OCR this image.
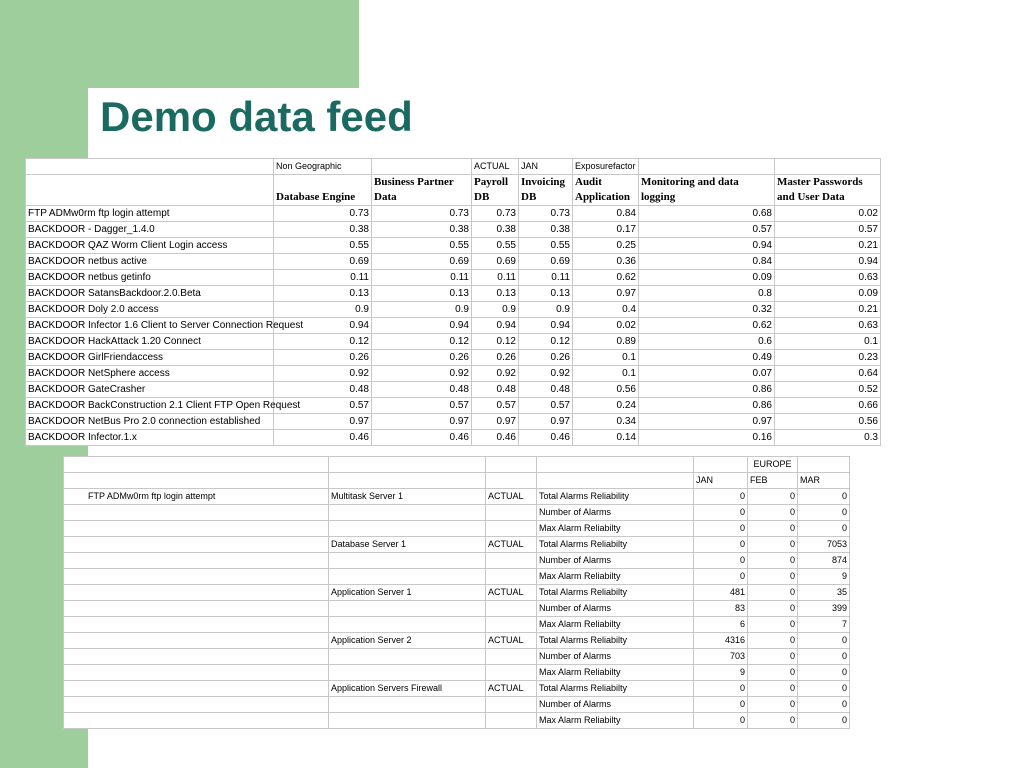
Demo data feed
	Non Geographic		ACTUAL	JAN	Exposurefactor		
	Database Engine	Business Partner Data	Payroll DB	Invoicing DB	Audit Application	Monitoring and data logging	Master Passwords and User Data
FTP ADMw0rm ftp login attempt	0.73	0.73	0.73	0.73	0.84	0.68	0.02
BACKDOOR - Dagger_1.4.0	0.38	0.38	0.38	0.38	0.17	0.57	0.57
BACKDOOR QAZ Worm Client Login access	0.55	0.55	0.55	0.55	0.25	0.94	0.21
BACKDOOR netbus active	0.69	0.69	0.69	0.69	0.36	0.84	0.94
BACKDOOR netbus getinfo	0.11	0.11	0.11	0.11	0.62	0.09	0.63
BACKDOOR SatansBackdoor.2.0.Beta	0.13	0.13	0.13	0.13	0.97	0.8	0.09
BACKDOOR Doly 2.0 access	0.9	0.9	0.9	0.9	0.4	0.32	0.21
BACKDOOR Infector 1.6 Client to Server Connection Request	0.94	0.94	0.94	0.94	0.02	0.62	0.63
BACKDOOR HackAttack 1.20 Connect	0.12	0.12	0.12	0.12	0.89	0.6	0.1
BACKDOOR GirlFriendaccess	0.26	0.26	0.26	0.26	0.1	0.49	0.23
BACKDOOR NetSphere access	0.92	0.92	0.92	0.92	0.1	0.07	0.64
BACKDOOR GateCrasher	0.48	0.48	0.48	0.48	0.56	0.86	0.52
BACKDOOR BackConstruction 2.1 Client FTP Open Request	0.57	0.57	0.57	0.57	0.24	0.86	0.66
BACKDOOR NetBus Pro 2.0 connection established	0.97	0.97	0.97	0.97	0.34	0.97	0.56
BACKDOOR Infector.1.x	0.46	0.46	0.46	0.46	0.14	0.16	0.3
					EUROPE	
				JAN	FEB	MAR
FTP ADMw0rm ftp login attempt	Multitask Server 1	ACTUAL	Total Alarms Reliability	0	0	0
			Number of Alarms	0	0	0
			Max Alarm Reliabilty	0	0	0
	Database Server 1	ACTUAL	Total Alarms Reliabilty	0	0	7053
			Number of Alarms	0	0	874
			Max Alarm Reliabilty	0	0	9
	Application Server 1	ACTUAL	Total Alarms Reliabilty	481	0	35
			Number of Alarms	83	0	399
			Max Alarm Reliabilty	6	0	7
	Application Server 2	ACTUAL	Total Alarms Reliabilty	4316	0	0
			Number of Alarms	703	0	0
			Max Alarm Reliabilty	9	0	0
	Application Servers Firewall	ACTUAL	Total Alarms Reliabilty	0	0	0
			Number of Alarms	0	0	0
			Max Alarm Reliabilty	0	0	0
